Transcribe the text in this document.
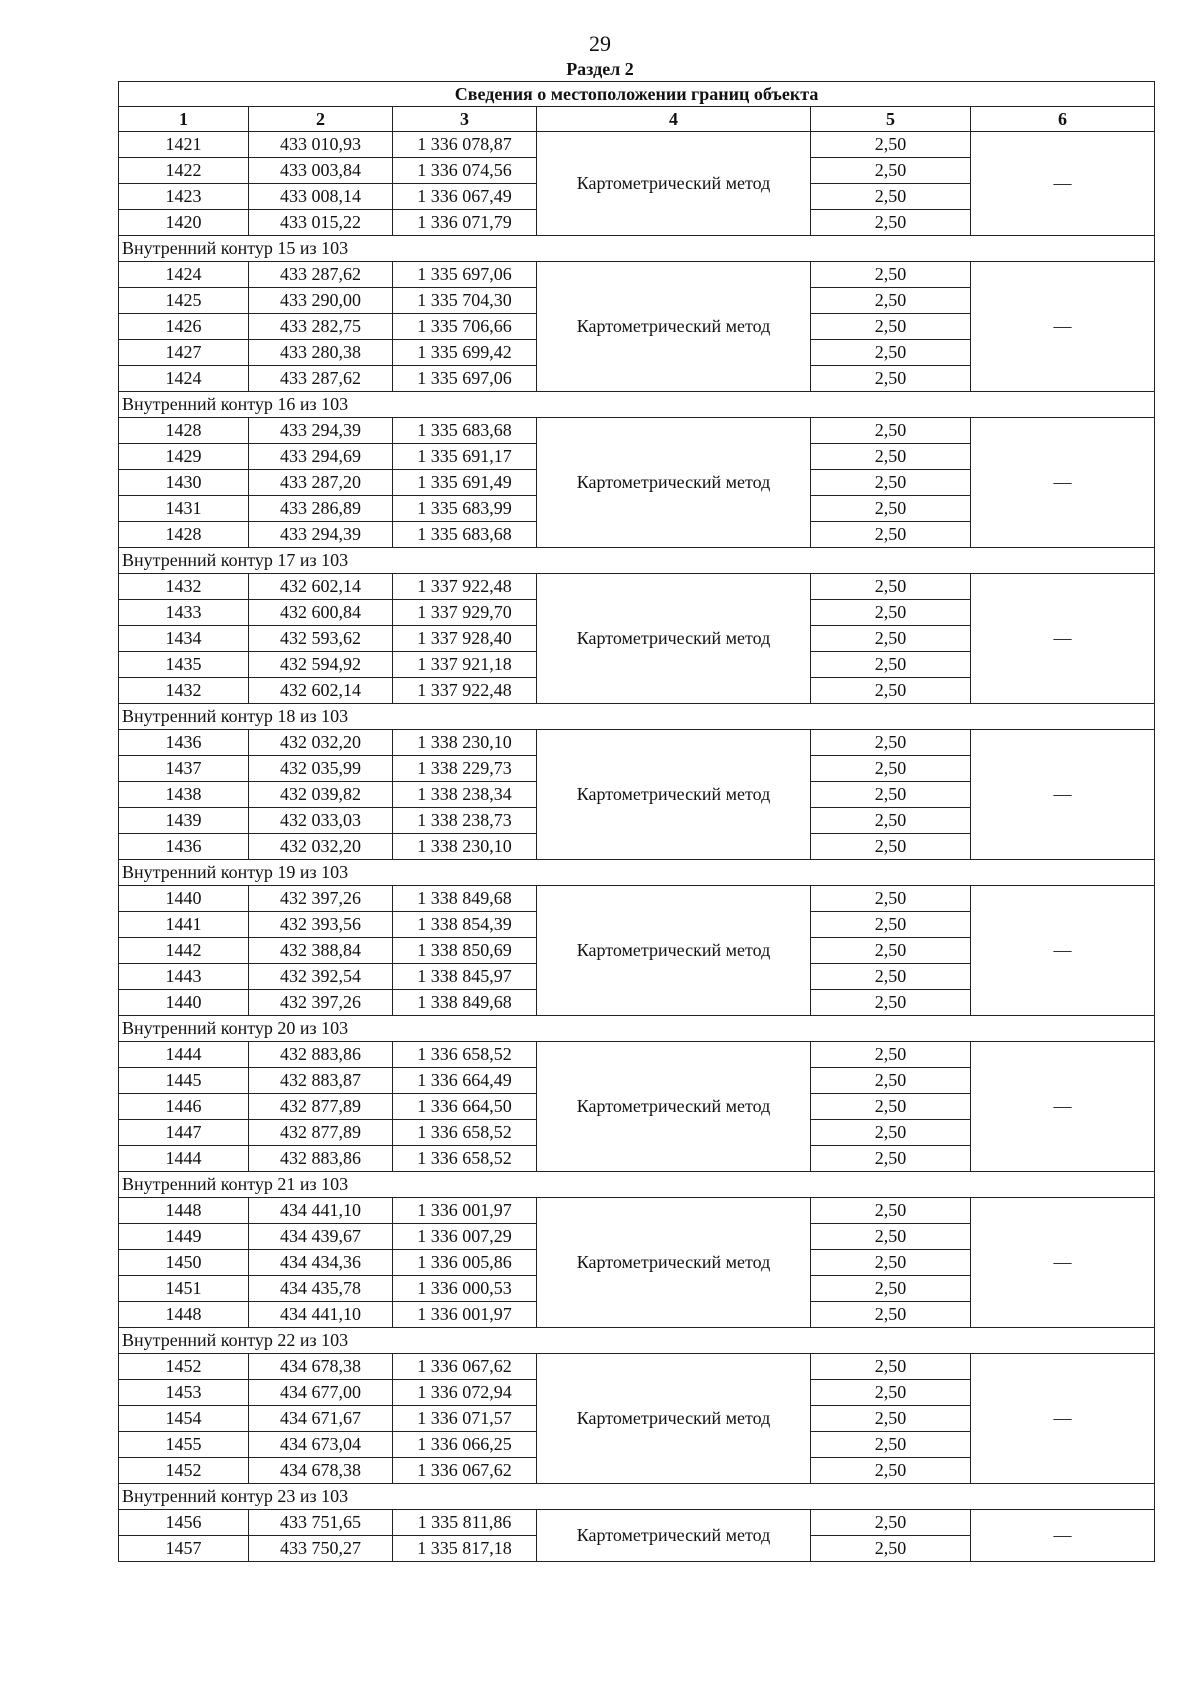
29
Раздел 2
Сведения о местоположении границ объекта					
1	2	3	4	5	6
1421	433 010,93	1 336 078,87	Картометрический метод	2,50	—
1422	433 003,84	1 336 074,56		2,50	
1423	433 008,14	1 336 067,49		2,50	
1420	433 015,22	1 336 071,79		2,50	
Внутренний контур 15 из 103					
1424	433 287,62	1 335 697,06	Картометрический метод	2,50	—
1425	433 290,00	1 335 704,30		2,50	
1426	433 282,75	1 335 706,66		2,50	
1427	433 280,38	1 335 699,42		2,50	
1424	433 287,62	1 335 697,06		2,50	
Внутренний контур 16 из 103					
1428	433 294,39	1 335 683,68	Картометрический метод	2,50	—
1429	433 294,69	1 335 691,17		2,50	
1430	433 287,20	1 335 691,49		2,50	
1431	433 286,89	1 335 683,99		2,50	
1428	433 294,39	1 335 683,68		2,50	
Внутренний контур 17 из 103					
1432	432 602,14	1 337 922,48	Картометрический метод	2,50	—
1433	432 600,84	1 337 929,70		2,50	
1434	432 593,62	1 337 928,40		2,50	
1435	432 594,92	1 337 921,18		2,50	
1432	432 602,14	1 337 922,48		2,50	
Внутренний контур 18 из 103					
1436	432 032,20	1 338 230,10	Картометрический метод	2,50	—
1437	432 035,99	1 338 229,73		2,50	
1438	432 039,82	1 338 238,34		2,50	
1439	432 033,03	1 338 238,73		2,50	
1436	432 032,20	1 338 230,10		2,50	
Внутренний контур 19 из 103					
1440	432 397,26	1 338 849,68	Картометрический метод	2,50	—
1441	432 393,56	1 338 854,39		2,50	
1442	432 388,84	1 338 850,69		2,50	
1443	432 392,54	1 338 845,97		2,50	
1440	432 397,26	1 338 849,68		2,50	
Внутренний контур 20 из 103					
1444	432 883,86	1 336 658,52	Картометрический метод	2,50	—
1445	432 883,87	1 336 664,49		2,50	
1446	432 877,89	1 336 664,50		2,50	
1447	432 877,89	1 336 658,52		2,50	
1444	432 883,86	1 336 658,52		2,50	
Внутренний контур 21 из 103					
1448	434 441,10	1 336 001,97	Картометрический метод	2,50	—
1449	434 439,67	1 336 007,29		2,50	
1450	434 434,36	1 336 005,86		2,50	
1451	434 435,78	1 336 000,53		2,50	
1448	434 441,10	1 336 001,97		2,50	
Внутренний контур 22 из 103					
1452	434 678,38	1 336 067,62	Картометрический метод	2,50	—
1453	434 677,00	1 336 072,94		2,50	
1454	434 671,67	1 336 071,57		2,50	
1455	434 673,04	1 336 066,25		2,50	
1452	434 678,38	1 336 067,62		2,50	
Внутренний контур 23 из 103					
1456	433 751,65	1 335 811,86	Картометрический метод	2,50	—
1457	433 750,27	1 335 817,18		2,50	
